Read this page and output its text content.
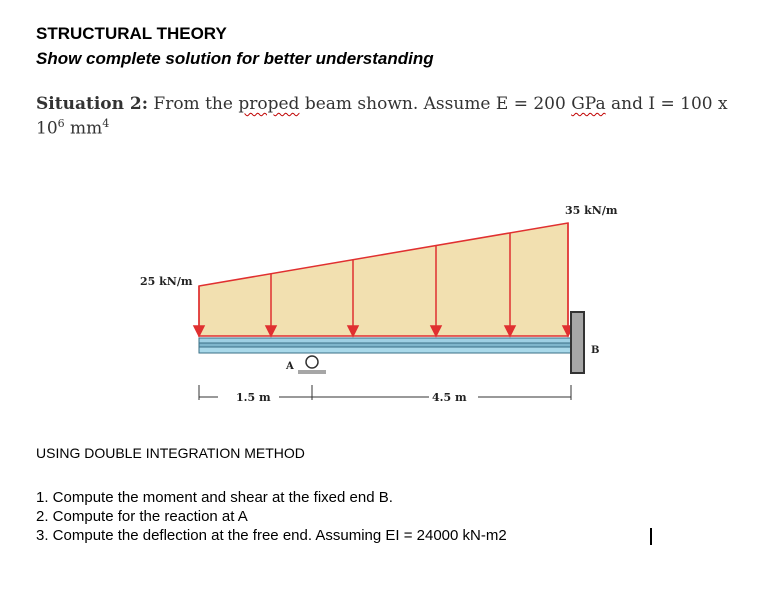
STRUCTURAL THEORY
Show complete solution for better understanding
Situation 2: From the proped beam shown. Assume E = 200 GPa and I = 100 x
$10^6$ $mm^4$
25 kN/m
35 kN/m
B
A
1.5 m	4.5 m
USING DOUBLE INTEGRATION METHOD
1. Compute the moment and shear at the fixed end B.
2. Compute for the reaction at A
3. Compute the deflection at the free end. Assuming EI = 24000 kN-m2
